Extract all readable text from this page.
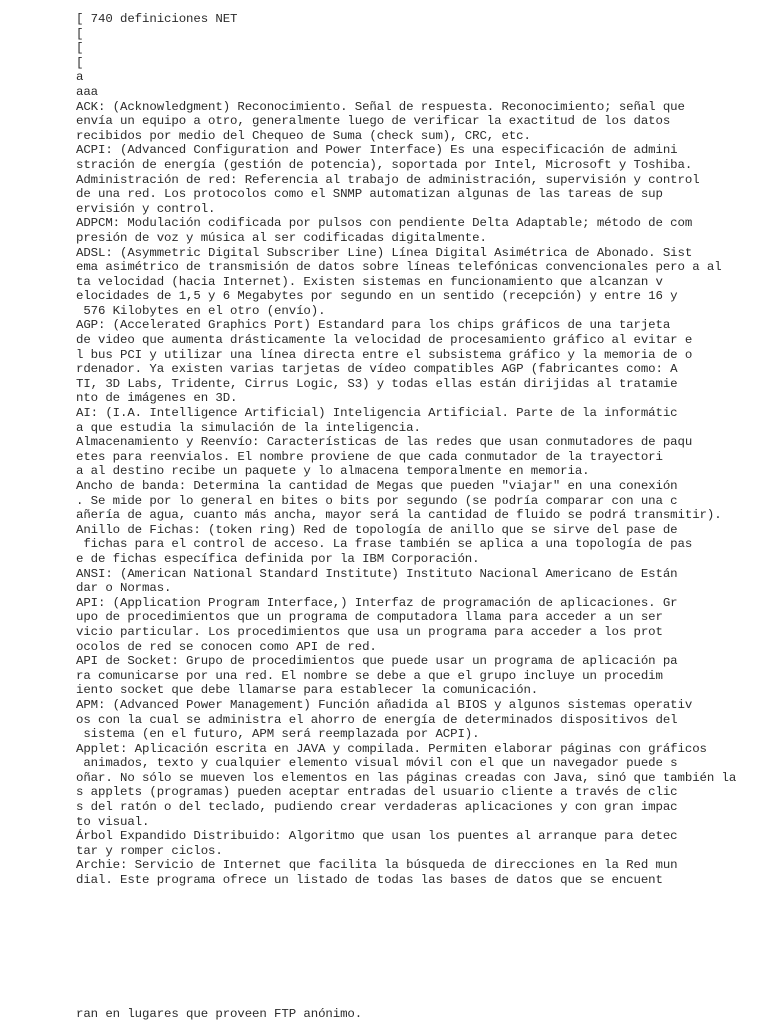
[ 740 definiciones NET
[
[
[
a
aaa
ACK: (Acknowledgment) Reconocimiento. Señal de respuesta. Reconocimiento; señal que
envía un equipo a otro, generalmente luego de verificar la exactitud de los datos
recibidos por medio del Chequeo de Suma (check sum), CRC, etc.
ACPI: (Advanced Configuration and Power Interface) Es una especificación de admini
stración de energía (gestión de potencia), soportada por Intel, Microsoft y Toshiba.
Administración de red: Referencia al trabajo de administración, supervisión y control
de una red. Los protocolos como el SNMP automatizan algunas de las tareas de sup
ervisión y control.
ADPCM: Modulación codificada por pulsos con pendiente Delta Adaptable; método de com
presión de voz y música al ser codificadas digitalmente.
ADSL: (Asymmetric Digital Subscriber Line) Línea Digital Asimétrica de Abonado. Sist
ema asimétrico de transmisión de datos sobre líneas telefónicas convencionales pero a al
ta velocidad (hacia Internet). Existen sistemas en funcionamiento que alcanzan v
elocidades de 1,5 y 6 Megabytes por segundo en un sentido (recepción) y entre 16 y
576 Kilobytes en el otro (envío).
AGP: (Accelerated Graphics Port) Estandard para los chips gráficos de una tarjeta
de video que aumenta drásticamente la velocidad de procesamiento gráfico al evitar e
l bus PCI y utilizar una línea directa entre el subsistema gráfico y la memoria de o
rdenador. Ya existen varias tarjetas de vídeo compatibles AGP (fabricantes como: A
TI, 3D Labs, Tridente, Cirrus Logic, S3) y todas ellas están dirijidas al tratamie
nto de imágenes en 3D.
AI: (I.A. Intelligence Artificial) Inteligencia Artificial. Parte de la informátic
a que estudia la simulación de la inteligencia.
Almacenamiento y Reenvío: Características de las redes que usan conmutadores de paqu
etes para reenvialos. El nombre proviene de que cada conmutador de la trayectori
a al destino recibe un paquete y lo almacena temporalmente en memoria.
Ancho de banda: Determina la cantidad de Megas que pueden "viajar" en una conexión
. Se mide por lo general en bites o bits por segundo (se podría comparar con una c
añería de agua, cuanto más ancha, mayor será la cantidad de fluido se podrá transmitir).
Anillo de Fichas: (token ring) Red de topología de anillo que se sirve del pase de
fichas para el control de acceso. La frase también se aplica a una topología de pas
e de fichas específica definida por la IBM Corporación.
ANSI: (American National Standard Institute) Instituto Nacional Americano de Están
dar o Normas.
API: (Application Program Interface,) Interfaz de programación de aplicaciones. Gr
upo de procedimientos que un programa de computadora llama para acceder a un ser
vicio particular. Los procedimientos que usa un programa para acceder a los prot
ocolos de red se conocen como API de red.
API de Socket: Grupo de procedimientos que puede usar un programa de aplicación pa
ra comunicarse por una red. El nombre se debe a que el grupo incluye un procedim
iento socket que debe llamarse para establecer la comunicación.
APM: (Advanced Power Management) Función añadida al BIOS y algunos sistemas operativ
os con la cual se administra el ahorro de energía de determinados dispositivos del
sistema (en el futuro, APM será reemplazada por ACPI).
Applet: Aplicación escrita en JAVA y compilada. Permiten elaborar páginas con gráficos
animados, texto y cualquier elemento visual móvil con el que un navegador puede s
oñar. No sólo se mueven los elementos en las páginas creadas con Java, sinó que también la
s applets (programas) pueden aceptar entradas del usuario cliente a través de clic
s del ratón o del teclado, pudiendo crear verdaderas aplicaciones y con gran impac
to visual.
Árbol Expandido Distribuido: Algoritmo que usan los puentes al arranque para detec
tar y romper ciclos.
Archie: Servicio de Internet que facilita la búsqueda de direcciones en la Red mun
dial. Este programa ofrece un listado de todas las bases de datos que se encuent
ran en lugares que proveen FTP anónimo.
